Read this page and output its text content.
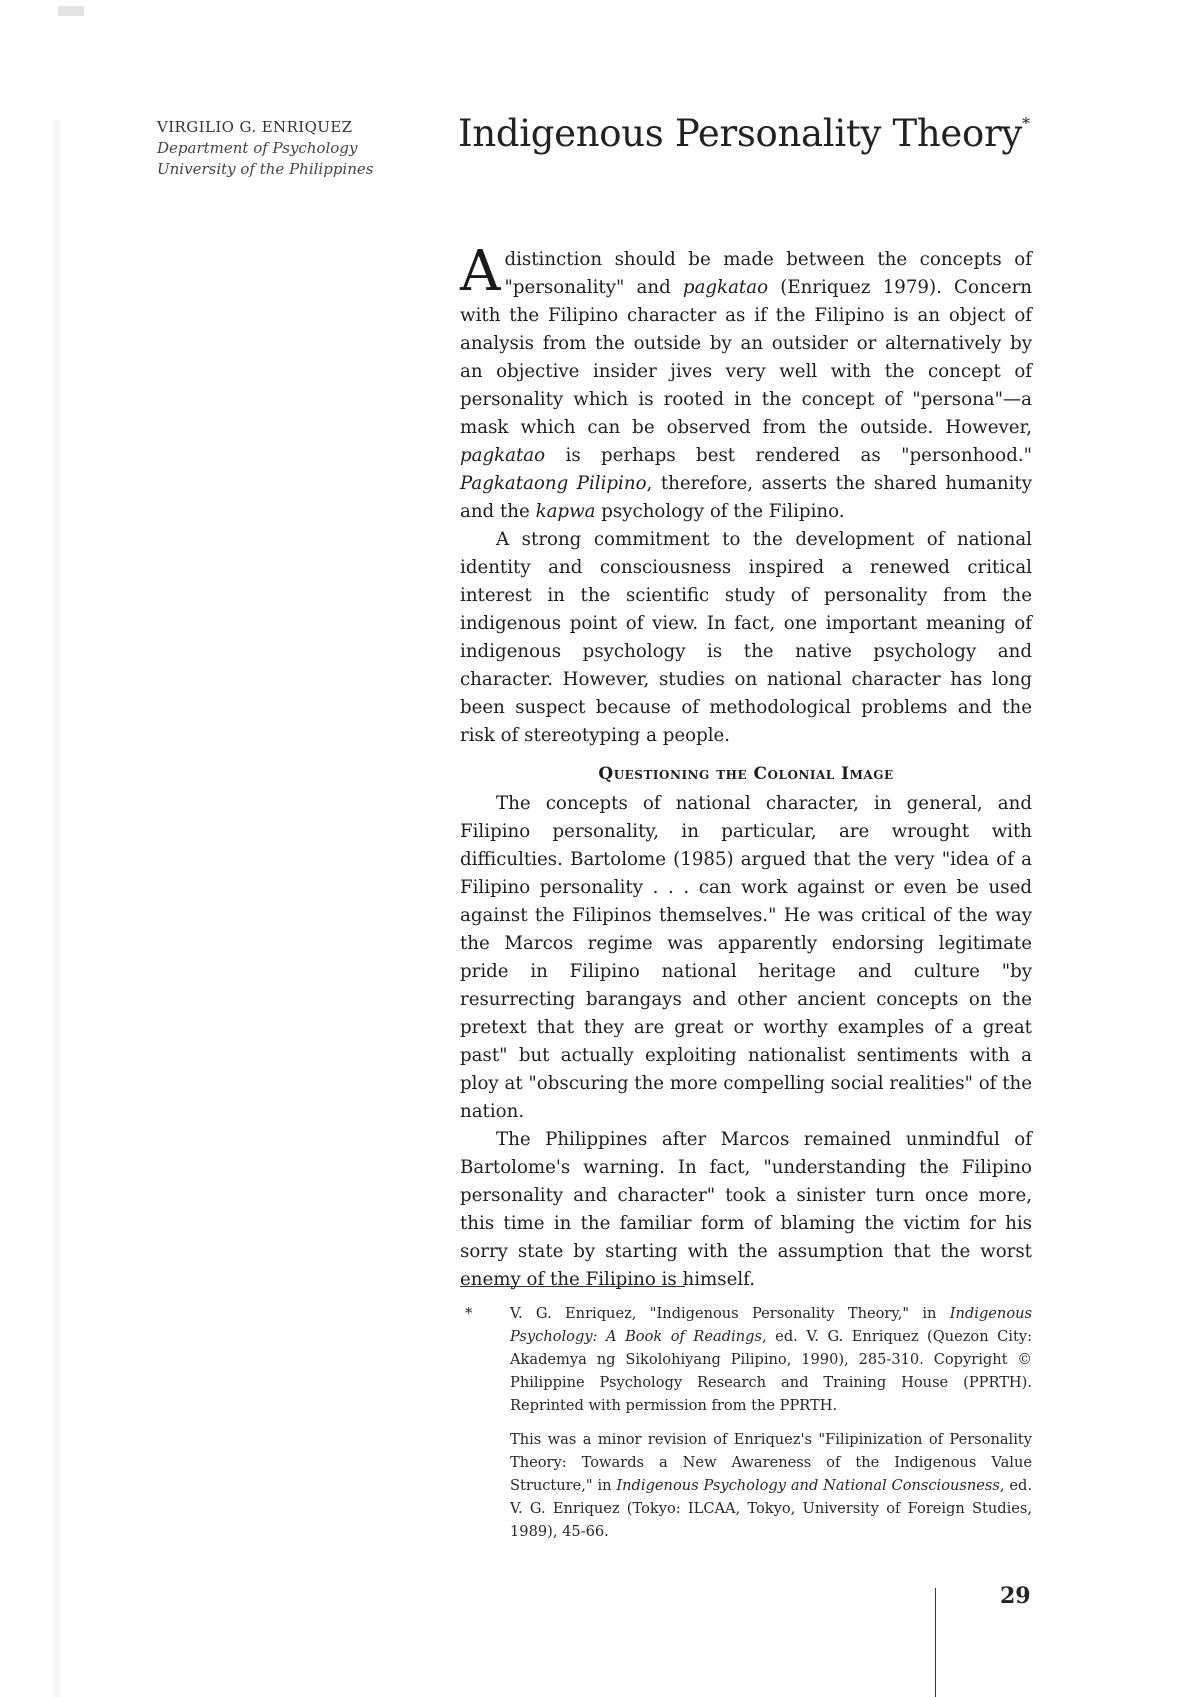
VIRGILIO G. ENRIQUEZ
Department of Psychology
University of the Philippines
Indigenous Personality Theory*

A distinction should be made between the concepts of "personality" and pagkatao (Enriquez 1979). Concern with the Filipino character as if the Filipino is an object of analysis from the outside by an outsider or alternatively by an objective insider jives very well with the concept of personality which is rooted in the concept of "persona"—a mask which can be observed from the outside. However, pagkatao is perhaps best rendered as "personhood." Pagkataong Pilipino, therefore, asserts the shared humanity and the kapwa psychology of the Filipino.

A strong commitment to the development of national identity and consciousness inspired a renewed critical interest in the scientific study of personality from the indigenous point of view. In fact, one important meaning of indigenous psychology is the native psychology and character. However, studies on national character has long been suspect because of methodological problems and the risk of stereotyping a people.

Questioning the Colonial Image

The concepts of national character, in general, and Filipino personality, in particular, are wrought with difficulties. Bartolome (1985) argued that the very "idea of a Filipino personality . . . can work against or even be used against the Filipinos themselves." He was critical of the way the Marcos regime was apparently endorsing legitimate pride in Filipino national heritage and culture "by resurrecting barangays and other ancient concepts on the pretext that they are great or worthy examples of a great past" but actually exploiting nationalist sentiments with a ploy at "obscuring the more compelling social realities" of the nation.

The Philippines after Marcos remained unmindful of Bartolome's warning. In fact, "understanding the Filipino personality and character" took a sinister turn once more, this time in the familiar form of blaming the victim for his sorry state by starting with the assumption that the worst enemy of the Filipino is himself.

*	V. G. Enriquez, "Indigenous Personality Theory," in Indigenous Psychology: A Book of Readings, ed. V. G. Enriquez (Quezon City: Akademya ng Sikolohiyang Pilipino, 1990), 285-310. Copyright © Philippine Psychology Research and Training House (PPRTH). Reprinted with permission from the PPRTH.

This was a minor revision of Enriquez's "Filipinization of Personality Theory: Towards a New Awareness of the Indigenous Value Structure," in Indigenous Psychology and National Consciousness, ed. V. G. Enriquez (Tokyo: ILCAA, Tokyo, University of Foreign Studies, 1989), 45-66.

29
